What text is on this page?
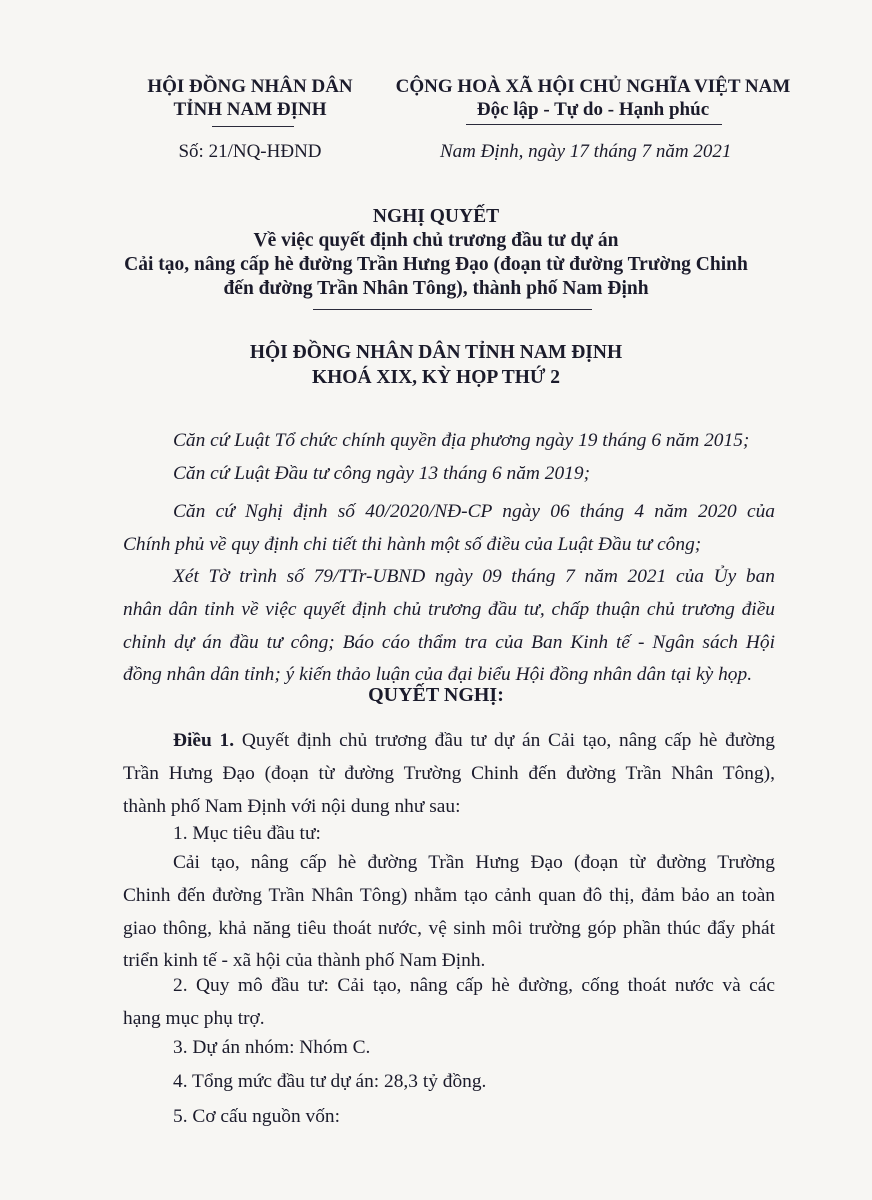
HỘI ĐỒNG NHÂN DÂN
TỈNH NAM ĐỊNH
CỘNG HOÀ XÃ HỘI CHỦ NGHĨA VIỆT NAM
Độc lập - Tự do - Hạnh phúc
Số: 21/NQ-HĐND	Nam Định, ngày 17 tháng 7 năm 2021
NGHỊ QUYẾT
Về việc quyết định chủ trương đầu tư dự án
Cải tạo, nâng cấp hè đường Trần Hưng Đạo (đoạn từ đường Trường Chinh
đến đường Trần Nhân Tông), thành phố Nam Định
HỘI ĐỒNG NHÂN DÂN TỈNH NAM ĐỊNH
KHOÁ XIX, KỲ HỌP THỨ 2
Căn cứ Luật Tổ chức chính quyền địa phương ngày 19 tháng 6 năm 2015;
Căn cứ Luật Đầu tư công ngày 13 tháng 6 năm 2019;
Căn cứ Nghị định số 40/2020/NĐ-CP ngày 06 tháng 4 năm 2020 của
Chính phủ về quy định chi tiết thi hành một số điều của Luật Đầu tư công;
Xét Tờ trình số 79/TTr-UBND ngày 09 tháng 7 năm 2021 của Ủy ban
nhân dân tỉnh về việc quyết định chủ trương đầu tư, chấp thuận chủ trương điều
chỉnh dự án đầu tư công; Báo cáo thẩm tra của Ban Kinh tế - Ngân sách Hội
đồng nhân dân tỉnh; ý kiến thảo luận của đại biểu Hội đồng nhân dân tại kỳ họp.
QUYẾT NGHỊ:
Điều 1. Quyết định chủ trương đầu tư dự án Cải tạo, nâng cấp hè đường
Trần Hưng Đạo (đoạn từ đường Trường Chinh đến đường Trần Nhân Tông),
thành phố Nam Định với nội dung như sau:
1. Mục tiêu đầu tư:
Cải tạo, nâng cấp hè đường Trần Hưng Đạo (đoạn từ đường Trường
Chinh đến đường Trần Nhân Tông) nhằm tạo cảnh quan đô thị, đảm bảo an toàn
giao thông, khả năng tiêu thoát nước, vệ sinh môi trường góp phần thúc đẩy phát
triển kinh tế - xã hội của thành phố Nam Định.
2. Quy mô đầu tư: Cải tạo, nâng cấp hè đường, cống thoát nước và các
hạng mục phụ trợ.
3. Dự án nhóm: Nhóm C.
4. Tổng mức đầu tư dự án: 28,3 tỷ đồng.
5. Cơ cấu nguồn vốn:
